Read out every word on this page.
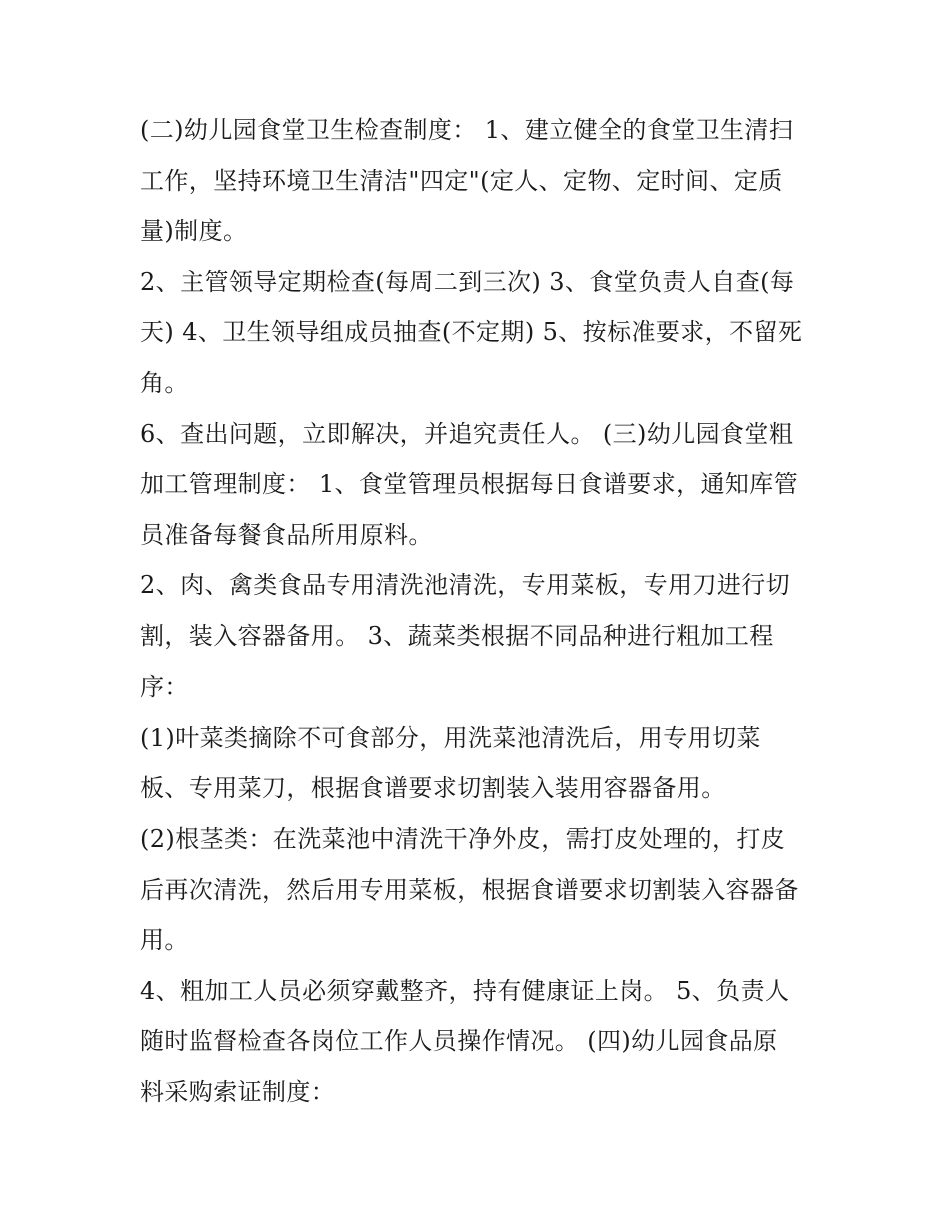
(二)幼儿园食堂卫生检查制度： 1、建立健全的食堂卫生清扫

工作，坚持环境卫生清洁"四定"(定人、定物、定时间、定质

量)制度。

2、主管领导定期检查(每周二到三次) 3、食堂负责人自查(每

天) 4、卫生领导组成员抽查(不定期) 5、按标准要求，不留死

角。

6、查出问题，立即解决，并追究责任人。 (三)幼儿园食堂粗

加工管理制度： 1、食堂管理员根据每日食谱要求，通知库管

员准备每餐食品所用原料。

2、肉、禽类食品专用清洗池清洗，专用菜板，专用刀进行切

割，装入容器备用。 3、蔬菜类根据不同品种进行粗加工程

序：

(1)叶菜类摘除不可食部分，用洗菜池清洗后，用专用切菜

板、专用菜刀，根据食谱要求切割装入装用容器备用。

(2)根茎类：在洗菜池中清洗干净外皮，需打皮处理的，打皮

后再次清洗，然后用专用菜板，根据食谱要求切割装入容器备

用。

4、粗加工人员必须穿戴整齐，持有健康证上岗。 5、负责人

随时监督检查各岗位工作人员操作情况。 (四)幼儿园食品原

料采购索证制度：
